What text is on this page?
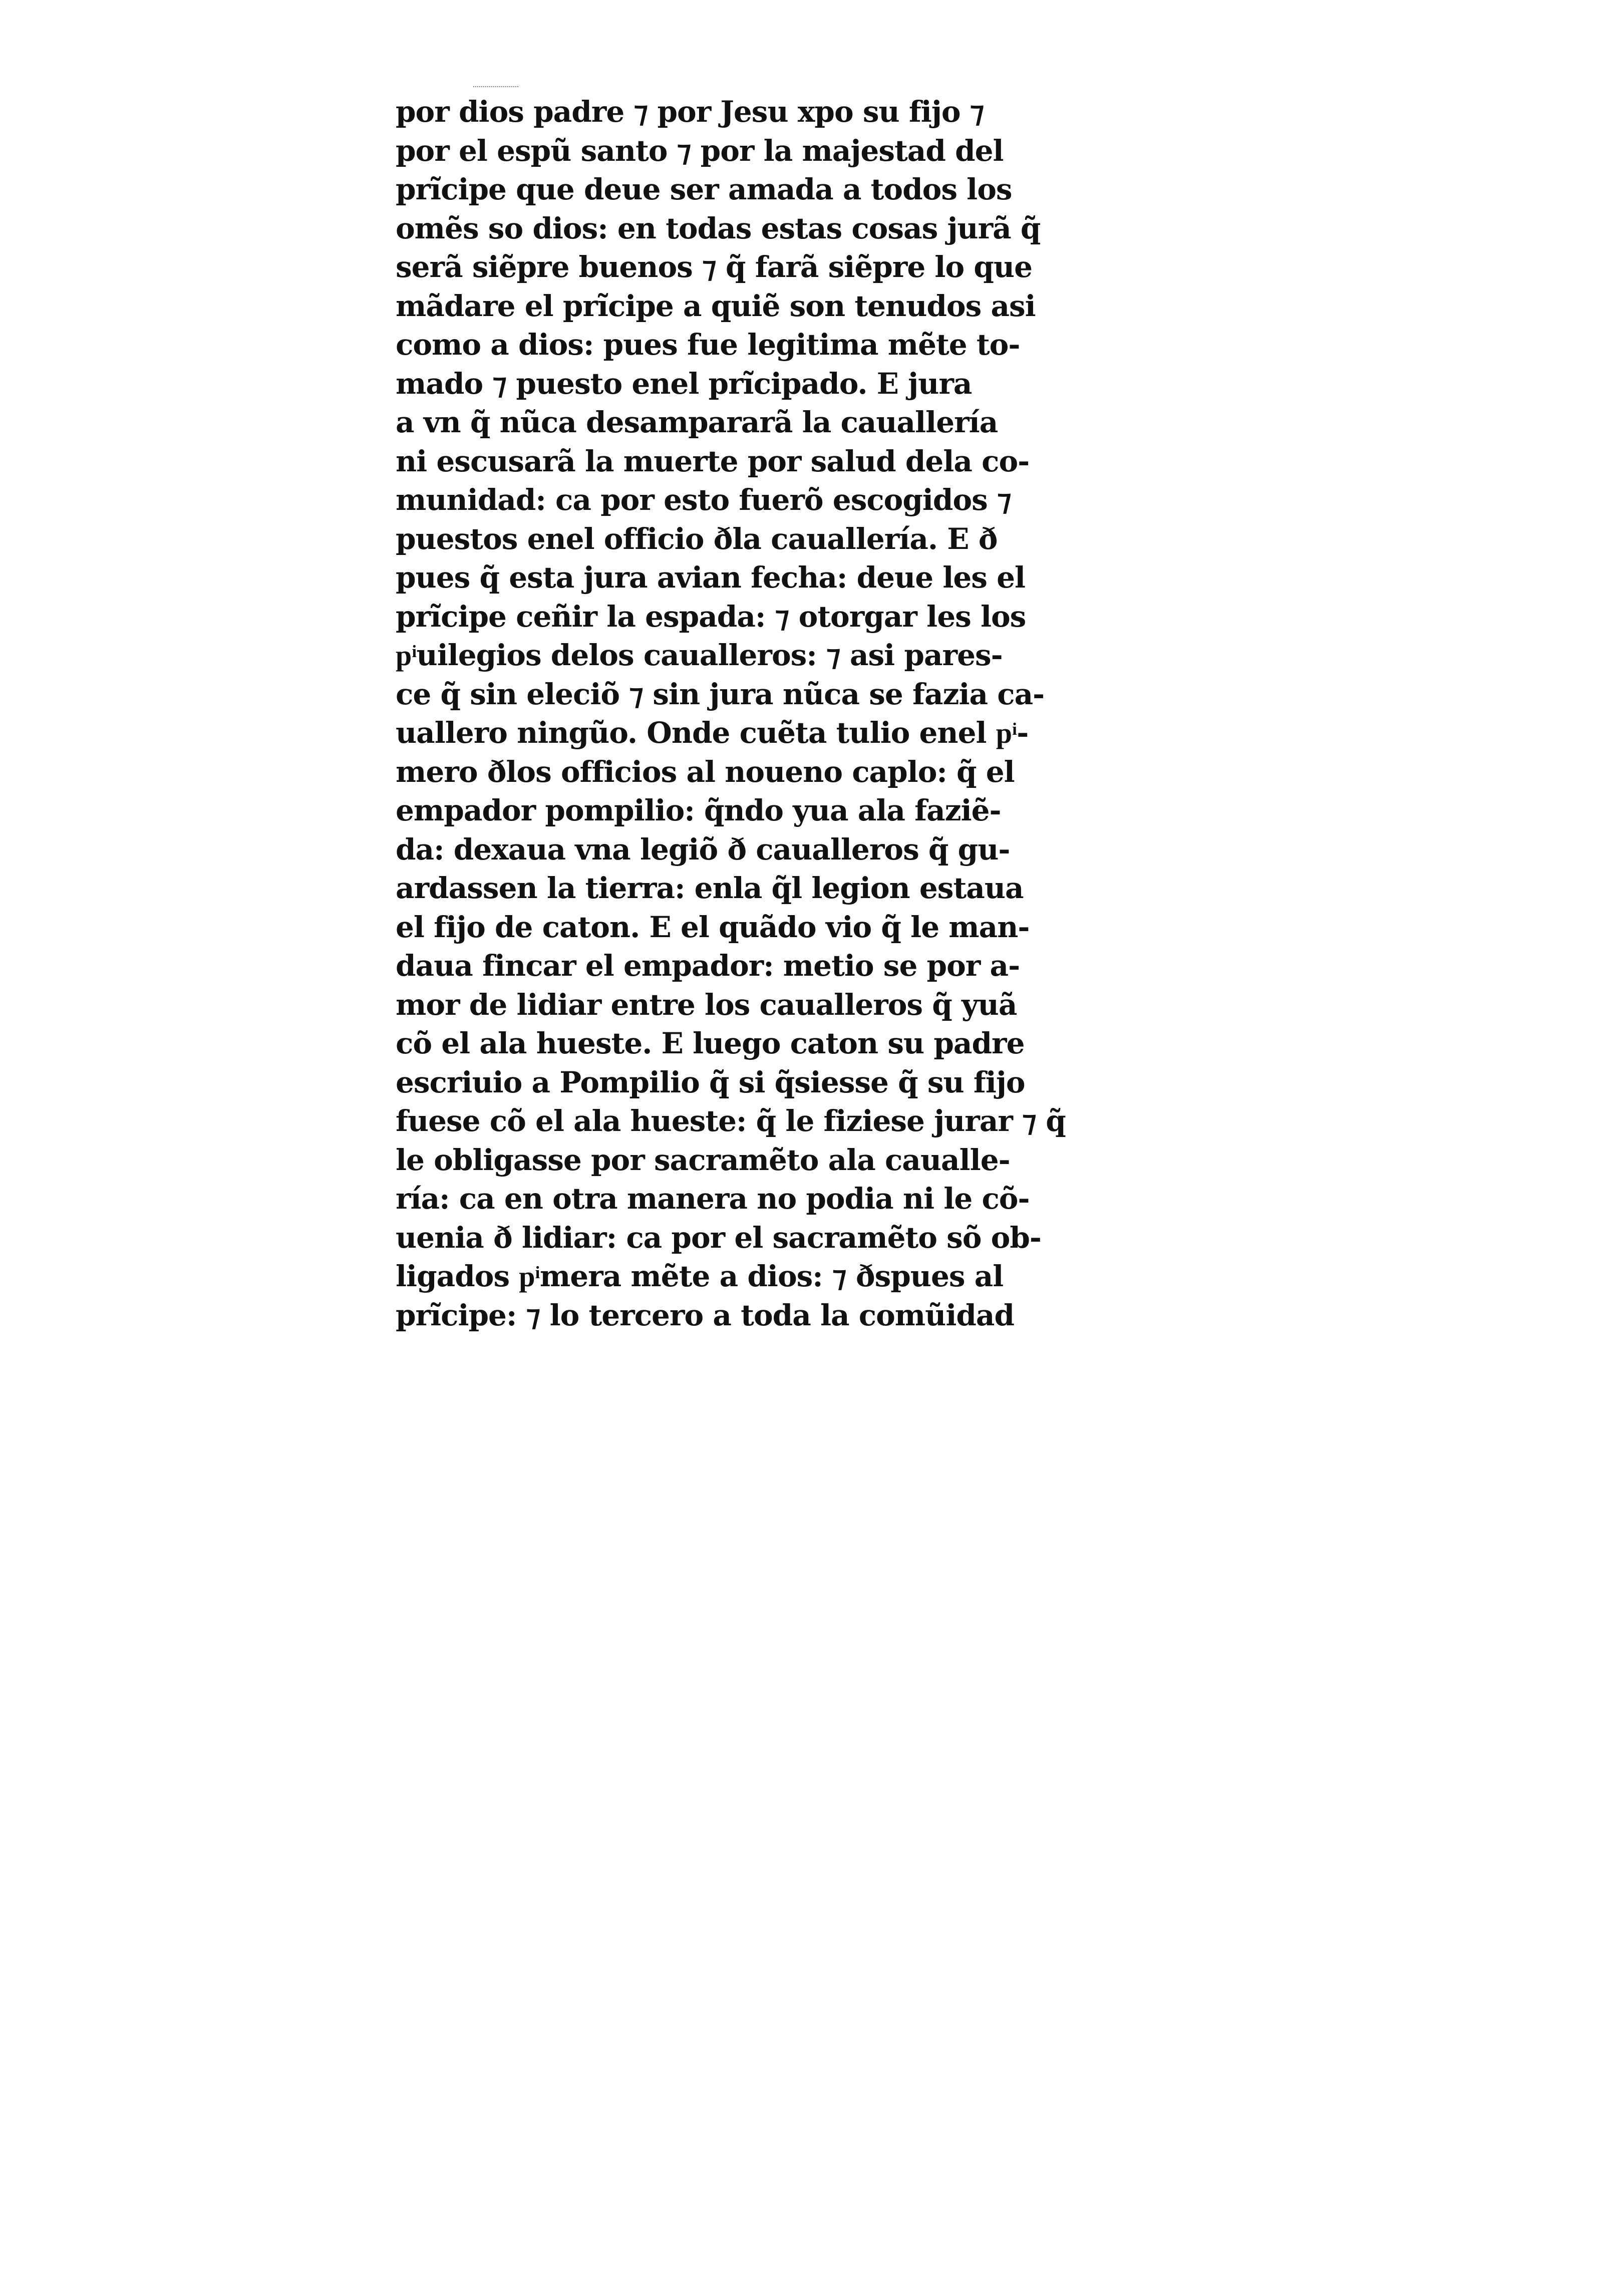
por dios padre ⁊ por Jesu xpo su fijo ⁊
por el espũ santo ⁊ por la majestad del
prĩcipe que deue ser amada a todos los
omẽs so dios: en todas estas cosas jurã q̃
serã siẽpre buenos ⁊ q̃ farã siẽpre lo que
mãdare el prĩcipe a quiẽ son tenudos asi
como a dios: pues fue legitima mẽte to-
mado ⁊ puesto enel prĩcipado. E jura
a vn q̃ nũca desampararã la cauallería
ni escusarã la muerte por salud dela co-
munidad: ca por esto fuerõ escogidos ⁊
puestos enel officio ðla cauallería. E ð
pues q̃ esta jura avian fecha: deue les el
prĩcipe ceñir la espada: ⁊ otorgar les los
pͥuilegios delos caualleros: ⁊ asi pares-
ce q̃ sin eleciõ ⁊ sin jura nũca se fazia ca-
uallero ningũo. Onde cuẽta tulio enel pͥ-
mero ðlos officios al noueno caplo: q̃ el
empador pompilio: q̃ndo yua ala faziẽ-
da: dexaua vna legiõ ð caualleros q̃ gu-
ardassen la tierra: enla q̃l legion estaua
el fijo de caton. E el quãdo vio q̃ le man-
daua fincar el empador: metio se por a-
mor de lidiar entre los caualleros q̃ yuã
cõ el ala hueste. E luego caton su padre
escriuio a Pompilio q̃ si q̃siesse q̃ su fijo
fuese cõ el ala hueste: q̃ le fiziese jurar ⁊ q̃
le obligasse por sacramẽto ala caualle-
ría: ca en otra manera no podia ni le cõ-
uenia ð lidiar: ca por el sacramẽto sõ ob-
ligados pͥmera mẽte a dios: ⁊ ðspues al
prĩcipe: ⁊ lo tercero a toda la comũidad
